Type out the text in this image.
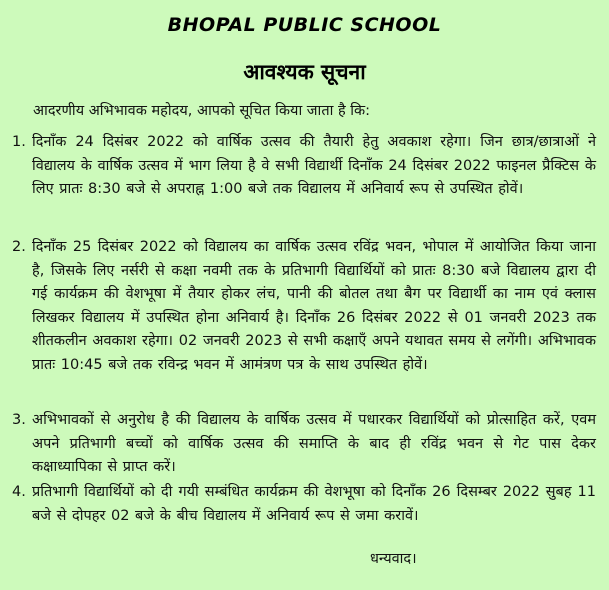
BHOPAL PUBLIC SCHOOL
आवश्यक सूचना
आदरणीय अभिभावक महोदय, आपको सूचित किया जाता है कि:
1. दिनाँक 24 दिसंबर 2022 को वार्षिक उत्सव की तैयारी हेतु अवकाश रहेगा। जिन छात्र/छात्राओं ने विद्यालय के वार्षिक उत्सव में भाग लिया है वे सभी विद्यार्थी दिनाँक 24 दिसंबर 2022 फाइनल प्रैक्टिस के लिए प्रातः 8:30 बजे से अपराह्न 1:00 बजे तक विद्यालय में अनिवार्य रूप से उपस्थित होवें।
2. दिनाँक 25 दिसंबर 2022 को विद्यालय का वार्षिक उत्सव रविंद्र भवन, भोपाल में आयोजित किया जाना है, जिसके लिए नर्सरी से कक्षा नवमी तक के प्रतिभागी विद्यार्थियों को प्रातः 8:30 बजे विद्यालय द्वारा दी गई कार्यक्रम की वेशभूषा में तैयार होकर लंच, पानी की बोतल तथा बैग पर विद्यार्थी का नाम एवं क्लास लिखकर विद्यालय में उपस्थित होना अनिवार्य है। दिनाँक 26 दिसंबर 2022 से 01 जनवरी 2023 तक शीतकलीन अवकाश रहेगा। 02 जनवरी 2023 से सभी कक्षाएँ अपने यथावत समय से लगेंगी। अभिभावक प्रातः 10:45 बजे तक रविन्द्र भवन में आमंत्रण पत्र के साथ उपस्थित होवें।
3. अभिभावकों से अनुरोध है की विद्यालय के वार्षिक उत्सव में पधारकर विद्यार्थियों को प्रोत्साहित करें, एवम अपने प्रतिभागी बच्चों को वार्षिक उत्सव की समाप्ति के बाद ही रविंद्र भवन से गेट पास देकर कक्षाध्यापिका से प्राप्त करें।
4. प्रतिभागी विद्यार्थियों को दी गयी सम्बंधित कार्यक्रम की वेशभूषा को दिनाँक 26 दिसम्बर 2022 सुबह 11 बजे से दोपहर 02 बजे के बीच विद्यालय में अनिवार्य रूप से जमा करावें।
धन्यवाद।
